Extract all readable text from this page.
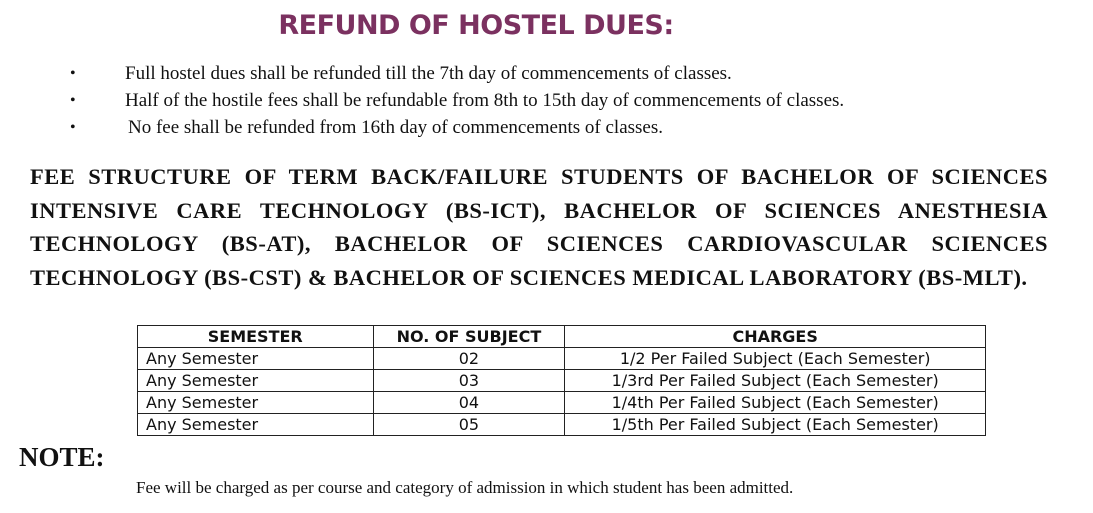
REFUND OF HOSTEL DUES:
•	Full hostel dues shall be refunded till the 7th day of commencements of classes.
•	Half of the hostile fees shall be refundable from 8th to 15th day of commencements of classes.
•	No fee shall be refunded from 16th day of commencements of classes.

FEE STRUCTURE OF TERM BACK/FAILURE STUDENTS OF BACHELOR OF SCIENCES INTENSIVE CARE TECHNOLOGY (BS-ICT), BACHELOR OF SCIENCES ANESTHESIA TECHNOLOGY (BS-AT), BACHELOR OF SCIENCES CARDIOVASCULAR SCIENCES TECHNOLOGY (BS-CST) & BACHELOR OF SCIENCES MEDICAL LABORATORY (BS-MLT).

SEMESTER	NO. OF SUBJECT	CHARGES
Any Semester	02	1/2 Per Failed Subject (Each Semester)
Any Semester	03	1/3rd Per Failed Subject (Each Semester)
Any Semester	04	1/4th Per Failed Subject (Each Semester)
Any Semester	05	1/5th Per Failed Subject (Each Semester)
NOTE:
Fee will be charged as per course and category of admission in which student has been admitted.
